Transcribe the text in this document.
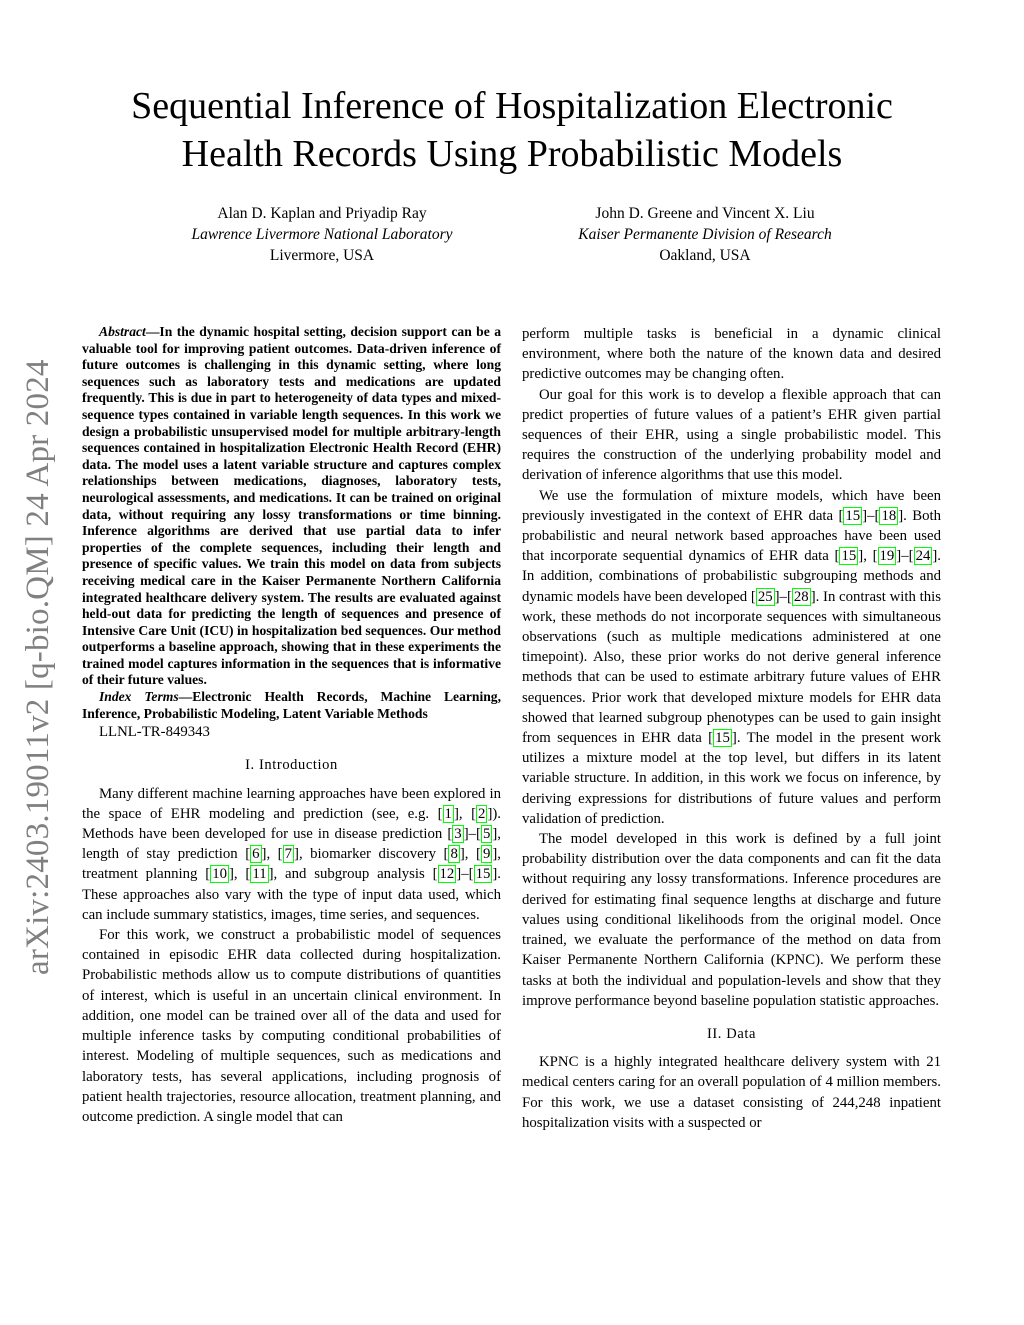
arXiv:2403.19011v2 [q-bio.QM] 24 Apr 2024
Sequential Inference of Hospitalization Electronic Health Records Using Probabilistic Models
Alan D. Kaplan and Priyadip Ray
Lawrence Livermore National Laboratory
Livermore, USA
John D. Greene and Vincent X. Liu
Kaiser Permanente Division of Research
Oakland, USA

Abstract—In the dynamic hospital setting, decision support can be a valuable tool for improving patient outcomes. Data-driven inference of future outcomes is challenging in this dynamic setting, where long sequences such as laboratory tests and medications are updated frequently. This is due in part to heterogeneity of data types and mixed-sequence types contained in variable length sequences. In this work we design a probabilistic unsupervised model for multiple arbitrary-length sequences contained in hospitalization Electronic Health Record (EHR) data. The model uses a latent variable structure and captures complex relationships between medications, diagnoses, laboratory tests, neurological assessments, and medications. It can be trained on original data, without requiring any lossy transformations or time binning. Inference algorithms are derived that use partial data to infer properties of the complete sequences, including their length and presence of specific values. We train this model on data from subjects receiving medical care in the Kaiser Permanente Northern California integrated healthcare delivery system. The results are evaluated against held-out data for predicting the length of sequences and presence of Intensive Care Unit (ICU) in hospitalization bed sequences. Our method outperforms a baseline approach, showing that in these experiments the trained model captures information in the sequences that is informative of their future values.

Index Terms—Electronic Health Records, Machine Learning, Inference, Probabilistic Modeling, Latent Variable Methods

LLNL-TR-849343

I. Introduction

Many different machine learning approaches have been explored in the space of EHR modeling and prediction (see, e.g. [ 1 ], [ 2 ]). Methods have been developed for use in disease prediction [ 3 ]–[ 5 ], length of stay prediction [ 6 ], [ 7 ], biomarker discovery [ 8 ], [ 9 ], treatment planning [ 10 ], [ 11 ], and subgroup analysis [ 12 ]–[ 15 ]. These approaches also vary with the type of input data used, which can include summary statistics, images, time series, and sequences.

For this work, we construct a probabilistic model of sequences contained in episodic EHR data collected during hospitalization. Probabilistic methods allow us to compute distributions of quantities of interest, which is useful in an uncertain clinical environment. In addition, one model can be trained over all of the data and used for multiple inference tasks by computing conditional probabilities of interest. Modeling of multiple sequences, such as medications and laboratory tests, has several applications, including prognosis of patient health trajectories, resource allocation, treatment planning, and outcome prediction. A single model that can

perform multiple tasks is beneficial in a dynamic clinical environment, where both the nature of the known data and desired predictive outcomes may be changing often.

Our goal for this work is to develop a flexible approach that can predict properties of future values of a patient’s EHR given partial sequences of their EHR, using a single probabilistic model. This requires the construction of the underlying probability model and derivation of inference algorithms that use this model.

We use the formulation of mixture models, which have been previously investigated in the context of EHR data [ 15 ]–[ 18 ]. Both probabilistic and neural network based approaches have been used that incorporate sequential dynamics of EHR data [ 15 ], [ 19 ]–[ 24 ]. In addition, combinations of probabilistic subgrouping methods and dynamic models have been developed [ 25 ]–[ 28 ]. In contrast with this work, these methods do not incorporate sequences with simultaneous observations (such as multiple medications administered at one timepoint). Also, these prior works do not derive general inference methods that can be used to estimate arbitrary future values of EHR sequences. Prior work that developed mixture models for EHR data showed that learned subgroup phenotypes can be used to gain insight from sequences in EHR data [ 15 ]. The model in the present work utilizes a mixture model at the top level, but differs in its latent variable structure. In addition, in this work we focus on inference, by deriving expressions for distributions of future values and perform validation of prediction.

The model developed in this work is defined by a full joint probability distribution over the data components and can fit the data without requiring any lossy transformations. Inference procedures are derived for estimating final sequence lengths at discharge and future values using conditional likelihoods from the original model. Once trained, we evaluate the performance of the method on data from Kaiser Permanente Northern California (KPNC). We perform these tasks at both the individual and population-levels and show that they improve performance beyond baseline population statistic approaches.

II. Data

KPNC is a highly integrated healthcare delivery system with 21 medical centers caring for an overall population of 4 million members. For this work, we use a dataset consisting of 244,248 inpatient hospitalization visits with a suspected or
